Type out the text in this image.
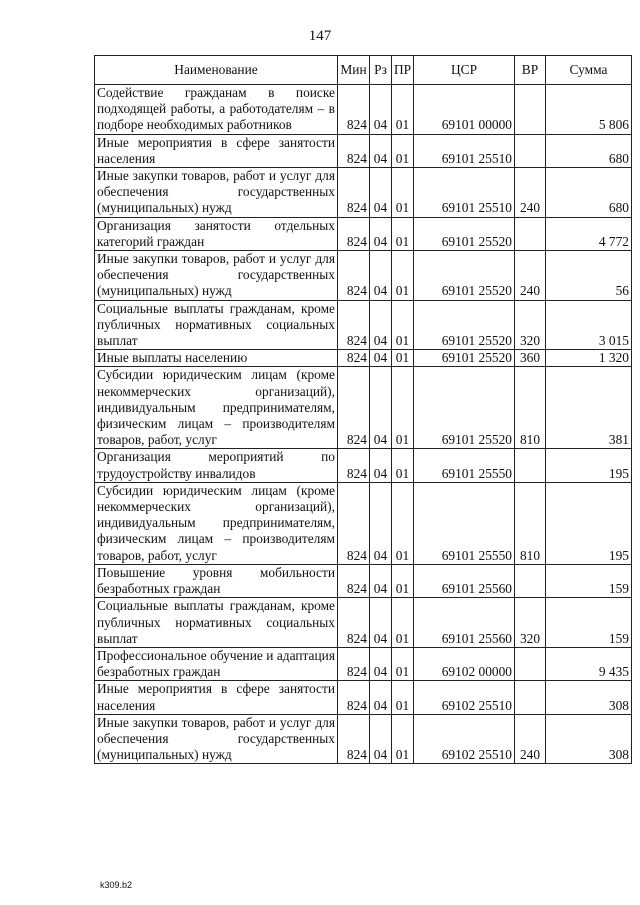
147
Наименование	Мин	Рз	ПР	ЦСР	ВР	Сумма
Содействие гражданам в поиске подходящей работы, а работодателям – в подборе необходимых работников	824	04	01	69101 00000		5 806
Иные мероприятия в сфере занятости населения	824	04	01	69101 25510		680
Иные закупки товаров, работ и услуг для обеспечения государственных (муниципальных) нужд	824	04	01	69101 25510	240	680
Организация занятости отдельных категорий граждан	824	04	01	69101 25520		4 772
Иные закупки товаров, работ и услуг для обеспечения государственных (муниципальных) нужд	824	04	01	69101 25520	240	56
Социальные выплаты гражданам, кроме публичных нормативных социальных выплат	824	04	01	69101 25520	320	3 015
Иные выплаты населению	824	04	01	69101 25520	360	1 320
Субсидии юридическим лицам (кроме некоммерческих организаций), индивидуальным предпринимателям, физическим лицам – производителям товаров, работ, услуг	824	04	01	69101 25520	810	381
Организация мероприятий по трудоустройству инвалидов	824	04	01	69101 25550		195
Субсидии юридическим лицам (кроме некоммерческих организаций), индивидуальным предпринимателям, физическим лицам – производителям товаров, работ, услуг	824	04	01	69101 25550	810	195
Повышение уровня мобильности безработных граждан	824	04	01	69101 25560		159
Социальные выплаты гражданам, кроме публичных нормативных социальных выплат	824	04	01	69101 25560	320	159
Профессиональное обучение и адаптация безработных граждан	824	04	01	69102 00000		9 435
Иные мероприятия в сфере занятости населения	824	04	01	69102 25510		308
Иные закупки товаров, работ и услуг для обеспечения государственных (муниципальных) нужд	824	04	01	69102 25510	240	308
k309.b2
